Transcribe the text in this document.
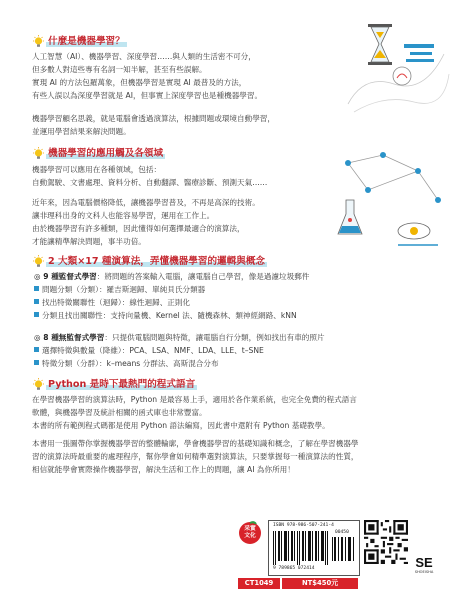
什麼是機器學習？
人工智慧（AI）、機器學習、深度學習……與人類的生活密不可分，
但多數人對這些專有名詞一知半解，甚至有些誤解。
實現 AI 的方法包羅萬象，但機器學習是實現 AI 最普及的方法，
有些人誤以為深度學習就是 AI，但事實上深度學習也是種機器學習。
機器學習顧名思義，就是電腦會透過演算法，根據問題或環境自動學習，
並運用學習結果來解決問題。
機器學習的應用觸及各領域
機器學習可以應用在各種領域，包括：
自動駕駛、文書處理、資料分析、自動翻譯、醫療診斷、預測天氣……
近年來，因為電腦價格降低，讓機器學習普及，不再是高深的技術。
讓非理科出身的文科人也能容易學習，運用在工作上。
由於機器學習有許多種類，因此懂得如何選擇最適合的演算法，
才能讓精準解決問題，事半功倍。
2 大類×17 種演算法，弄懂機器學習的邏輯與概念
◎ 9 種監督式學習：將問題的答案輸入電腦，讓電腦自己學習，像是過濾垃圾郵件
問題分類（分類）：羅吉斯迴歸、單純貝氏分類器
找出特徵關聯性（迴歸）：線性迴歸、正則化
分類且找出關聯性：支持向量機、Kernel 法、隨機森林、類神經網路、kNN
◎ 8 種無監督式學習：只提供電腦問題與特徵，讓電腦自行分類，例如找出有車的照片
選擇特徵與數量（降維）：PCA、LSA、NMF、LDA、LLE、t–SNE
特徵分類（分群）：k–means 分群法、高斯混合分布
Python 是時下最熱門的程式語言
在學習機器學習的演算法時，Python 是最容易上手，適用於各作業系統，也完全免費的程式語言
軟體，與機器學習及統計相關的函式庫也非常豐富。
本書的所有範例程式碼都是使用 Python 語法編寫，因此書中還附有 Python 基礎教學。
本書用一張圖帶你掌握機器學習的整體輪廓，學會機器學習的基礎知識和概念，了解在學習機器學
習的演算法時最重要的處理程序，幫你學會如何精準選對演算法，只要掌握每一種演算法的性質，
相信就能學會實際操作機器學習，解決生活和工作上的問題，讓 AI 為你所用！
采實文化
ISBN 978-986-507-241-4
00450
9 789865 072414
CT1049	NT$450元
SE
SHOEISHA
